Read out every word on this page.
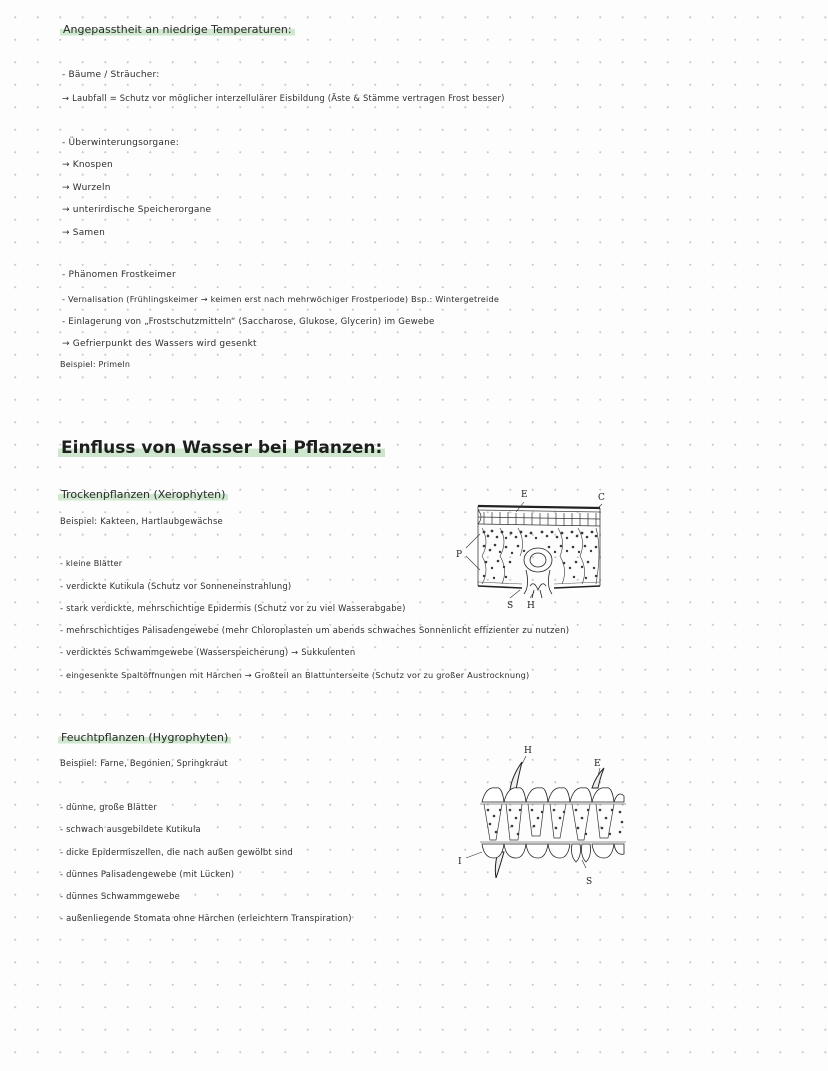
Angepasstheit an niedrige Temperaturen:
- Bäume / Sträucher:
→ Laubfall = Schutz vor möglicher interzellulärer Eisbildung (Äste & Stämme vertragen Frost besser)
- Überwinterungsorgane:
→ Knospen
→ Wurzeln
→ unterirdische Speicherorgane
→ Samen
- Phänomen Frostkeimer
- Vernalisation (Frühlingskeimer → keimen erst nach mehrwöchiger Frostperiode) Bsp.: Wintergetreide
- Einlagerung von „Frostschutzmitteln“ (Saccharose, Glukose, Glycerin) im Gewebe
→ Gefrierpunkt des Wassers wird gesenkt
Beispiel: Primeln
Einfluss von Wasser bei Pflanzen:
Trockenpflanzen (Xerophyten)
Beispiel: Kakteen, Hartlaubgewächse
- kleine Blätter
- verdickte Kutikula (Schutz vor Sonneneinstrahlung)
- stark verdickte, mehrschichtige Epidermis (Schutz vor zu viel Wasserabgabe)
- mehrschichtiges Palisadengewebe (mehr Chloroplasten um abends schwaches Sonnenlicht effizienter zu nutzen)
- verdicktes Schwammgewebe (Wasserspeicherung) → Sukkulenten
- eingesenkte Spaltöffnungen mit Härchen → Großteil an Blattunterseite (Schutz vor zu großer Austrocknung)
E	C
P
S H
Feuchtpflanzen (Hygrophyten)
Beispiel: Farne, Begonien, Springkraut
- dünne, große Blätter
- schwach ausgebildete Kutikula
- dicke Epidermiszellen, die nach außen gewölbt sind
- dünnes Palisadengewebe (mit Lücken)
- dünnes Schwammgewebe
- außenliegende Stomata ohne Härchen (erleichtern Transpiration)
H
E
I
S
